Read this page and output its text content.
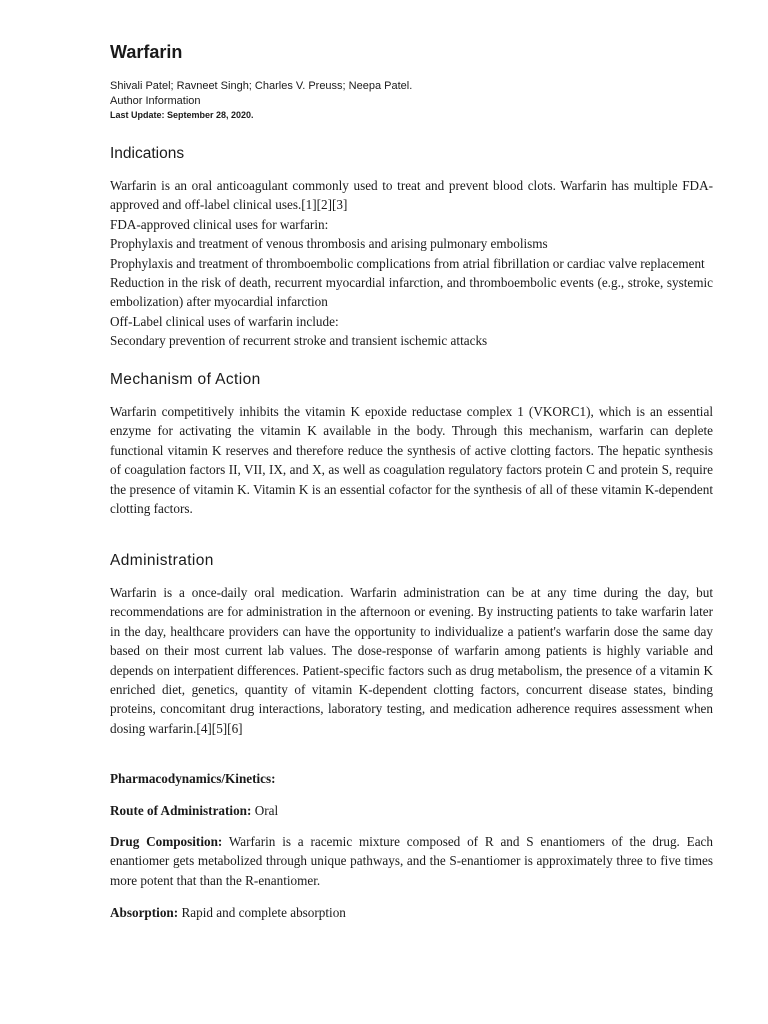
Warfarin

Shivali Patel; Ravneet Singh; Charles V. Preuss; Neepa Patel.

Author Information

Last Update: September 28, 2020.

Indications

Warfarin is an oral anticoagulant commonly used to treat and prevent blood clots. Warfarin has multiple FDA-approved and off-label clinical uses.[1][2][3]

FDA-approved clinical uses for warfarin:

Prophylaxis and treatment of venous thrombosis and arising pulmonary embolisms

Prophylaxis and treatment of thromboembolic complications from atrial fibrillation or cardiac valve replacement

Reduction in the risk of death, recurrent myocardial infarction, and thromboembolic events (e.g., stroke, systemic embolization) after myocardial infarction

Off-Label clinical uses of warfarin include:

Secondary prevention of recurrent stroke and transient ischemic attacks

Mechanism of Action

Warfarin competitively inhibits the vitamin K epoxide reductase complex 1 (VKORC1), which is an essential enzyme for activating the vitamin K available in the body. Through this mechanism, warfarin can deplete functional vitamin K reserves and therefore reduce the synthesis of active clotting factors. The hepatic synthesis of coagulation factors II, VII, IX, and X, as well as coagulation regulatory factors protein C and protein S, require the presence of vitamin K. Vitamin K is an essential cofactor for the synthesis of all of these vitamin K-dependent clotting factors.

Administration

Warfarin is a once-daily oral medication. Warfarin administration can be at any time during the day, but recommendations are for administration in the afternoon or evening. By instructing patients to take warfarin later in the day, healthcare providers can have the opportunity to individualize a patient's warfarin dose the same day based on their most current lab values. The dose-response of warfarin among patients is highly variable and depends on interpatient differences. Patient-specific factors such as drug metabolism, the presence of a vitamin K enriched diet, genetics, quantity of vitamin K-dependent clotting factors, concurrent disease states, binding proteins, concomitant drug interactions, laboratory testing, and medication adherence requires assessment when dosing warfarin.[4][5][6]

Pharmacodynamics/Kinetics:

Route of Administration: Oral

Drug Composition: Warfarin is a racemic mixture composed of R and S enantiomers of the drug. Each enantiomer gets metabolized through unique pathways, and the S-enantiomer is approximately three to five times more potent that than the R-enantiomer.

Absorption: Rapid and complete absorption
